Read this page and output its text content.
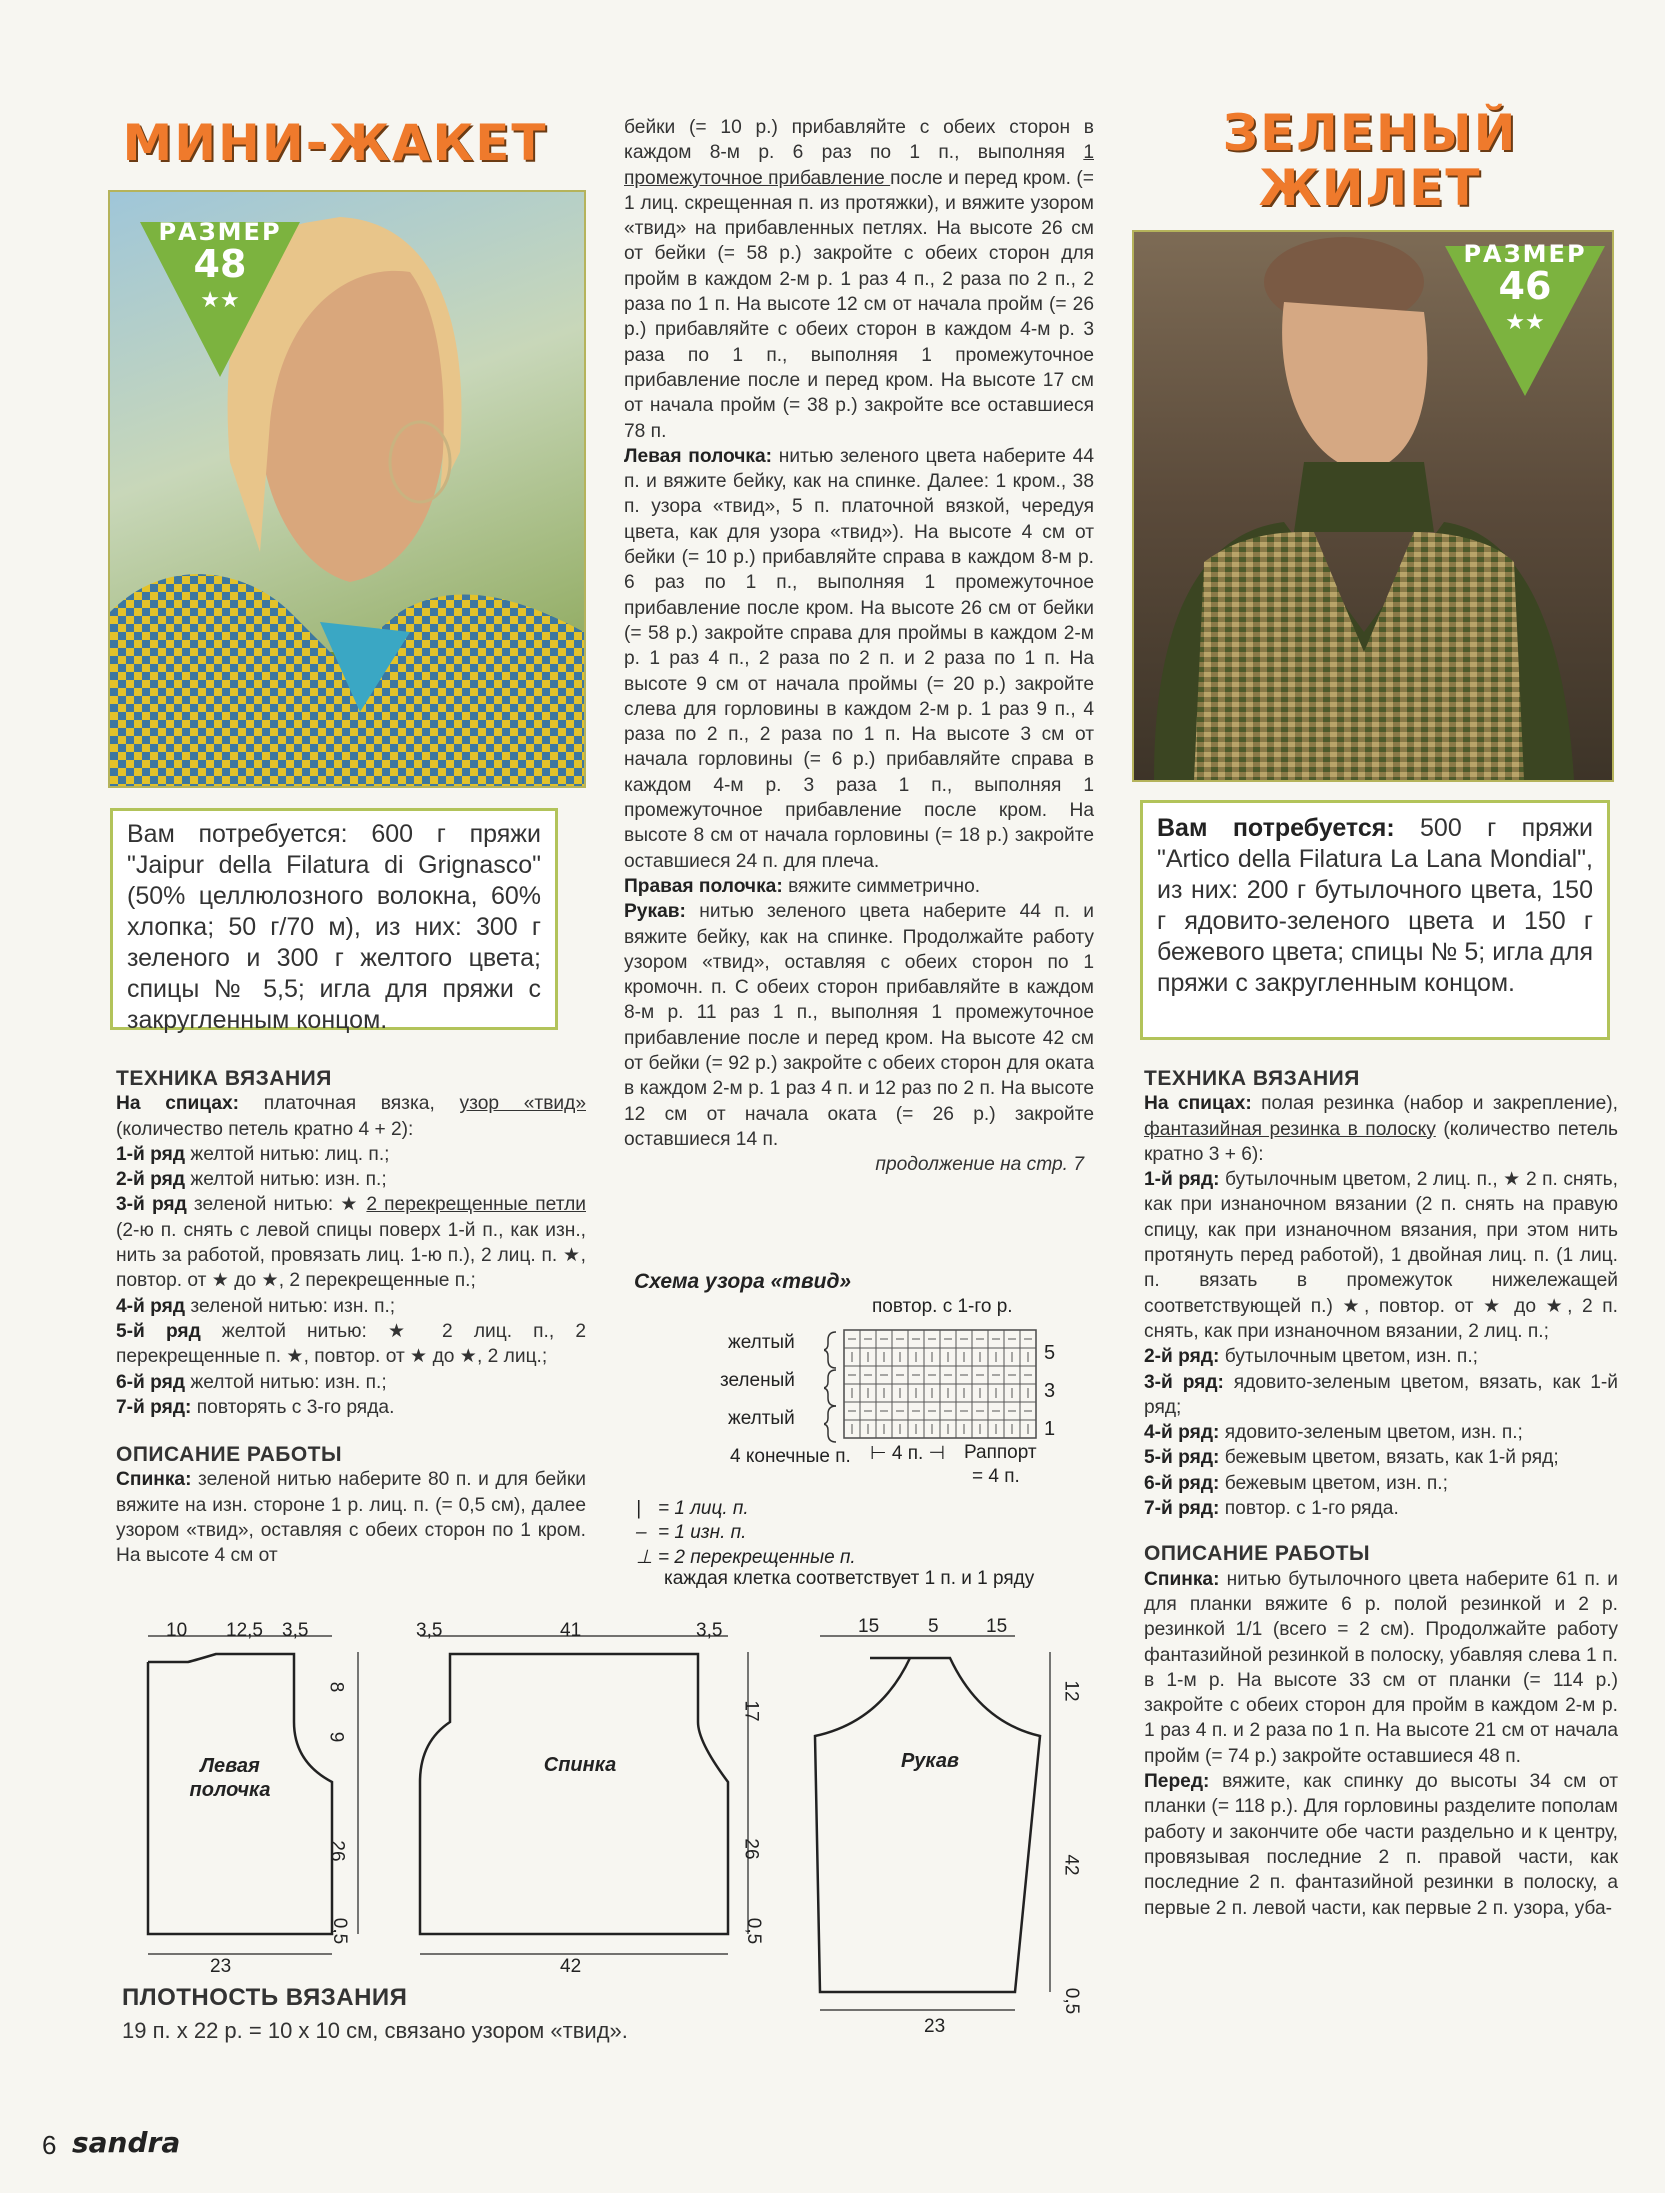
МИНИ-ЖАКЕТ
РАЗМЕР
48
★★
Вам потребуется: 600 г пряжи "Jaipur della Filatura di Grignasco" (50% целлюлозного волокна, 60% хлопка; 50 г/70 м), из них: 300 г зеленого и 300 г желтого цвета; спицы № 5,5; игла для пряжи с закругленным концом.

ТЕХНИКА ВЯЗАНИЯ

На спицах: платочная вязка, узор «твид» (количество петель кратно 4 + 2):

1-й ряд желтой нитью: лиц. п.;

2-й ряд желтой нитью: изн. п.;

3-й ряд зеленой нитью: ★ 2 перекрещенные петли (2-ю п. снять с левой спицы поверх 1-й п., как изн., нить за работой, провязать лиц. 1-ю п.), 2 лиц. п. ★, повтор. от ★ до ★, 2 перекрещенные п.;

4-й ряд зеленой нитью: изн. п.;

5-й ряд желтой нитью: ★ 2 лиц. п., 2 перекрещенные п. ★, повтор. от ★ до ★, 2 лиц.;

6-й ряд желтой нитью: изн. п.;

7-й ряд: повторять с 3-го ряда.

ОПИСАНИЕ РАБОТЫ

Спинка: зеленой нитью наберите 80 п. и для бейки вяжите на изн. стороне 1 р. лиц. п. (= 0,5 см), далее узором «твид», оставляя с обеих сторон по 1 кром. На высоте 4 см от

бейки (= 10 р.) прибавляйте с обеих сторон в каждом 8-м р. 6 раз по 1 п., выполняя 1 промежуточное прибавление после и перед кром. (= 1 лиц. скрещенная п. из протяжки), и вяжите узором «твид» на прибавленных петлях. На высоте 26 см от бейки (= 58 р.) закройте с обеих сторон для пройм в каждом 2-м р. 1 раз 4 п., 2 раза по 2 п., 2 раза по 1 п. На высоте 12 см от начала пройм (= 26 р.) прибавляйте с обеих сторон в каждом 4-м р. 3 раза по 1 п., выполняя 1 промежуточное прибавление после и перед кром. На высоте 17 см от начала пройм (= 38 р.) закройте все оставшиеся 78 п.

Левая полочка: нитью зеленого цвета наберите 44 п. и вяжите бейку, как на спинке. Далее: 1 кром., 38 п. узора «твид», 5 п. платочной вязкой, чередуя цвета, как для узора «твид»). На высоте 4 см от бейки (= 10 р.) прибавляйте справа в каждом 8-м р. 6 раз по 1 п., выполняя 1 промежуточное прибавление после кром. На высоте 26 см от бейки (= 58 р.) закройте справа для проймы в каждом 2-м р. 1 раз 4 п., 2 раза по 2 п. и 2 раза по 1 п. На высоте 9 см от начала проймы (= 20 р.) закройте слева для горловины в каждом 2-м р. 1 раз 9 п., 4 раза по 2 п., 2 раза по 1 п. На высоте 3 см от начала горловины (= 6 р.) прибавляйте справа в каждом 4-м р. 3 раза 1 п., выполняя 1 промежуточное прибавление после кром. На высоте 8 см от начала горловины (= 18 р.) закройте оставшиеся 24 п. для плеча.

Правая полочка: вяжите симметрично.

Рукав: нитью зеленого цвета наберите 44 п. и вяжите бейку, как на спинке. Продолжайте работу узором «твид», оставляя с обеих сторон по 1 кромочн. п. С обеих сторон прибавляйте в каждом 8-м р. 11 раз 1 п., выполняя 1 промежуточное прибавление после и перед кром. На высоте 42 см от бейки (= 92 р.) закройте с обеих сторон для оката в каждом 2-м р. 1 раз 4 п. и 12 раз по 2 п. На высоте 12 см от начала оката (= 26 р.) закройте оставшиеся 14 п.

продолжение на стр. 7

Схема узора «твид»
повтор. с 1-го р.
желтый
зеленый
желтый
5
3
1
4 конечные п. ⊢ 4 п. ⊣ Раппорт
= 4 п.
| = 1 лиц. п.
– = 1 изн. п.
⊥ = 2 перекрещенные п.
каждая клетка соответствует 1 п. и 1 ряду
ЗЕЛЕНЫЙ
ЖИЛЕТ
РАЗМЕР
46
★★
Вам потребуется: 500 г пряжи "Artico della Filatura La Lana Mondial", из них: 200 г бутылочного цвета, 150 г ядовито-зеленого цвета и 150 г бежевого цвета; спицы № 5; игла для пряжи с закругленным концом.

ТЕХНИКА ВЯЗАНИЯ

На спицах: полая резинка (набор и закрепление), фантазийная резинка в полоску (количество петель кратно 3 + 6):

1-й ряд: бутылочным цветом, 2 лиц. п., ★ 2 п. снять, как при изнаночном вязании (2 п. снять на правую спицу, как при изнаночном вязания, при этом нить протянуть перед работой), 1 двойная лиц. п. (1 лиц. п. вязать в промежуток нижележащей соответствующей п.) ★, повтор. от ★ до ★, 2 п. снять, как при изнаночном вязании, 2 лиц. п.;

2-й ряд: бутылочным цветом, изн. п.;

3-й ряд: ядовито-зеленым цветом, вязать, как 1-й ряд;

4-й ряд: ядовито-зеленым цветом, изн. п.;

5-й ряд: бежевым цветом, вязать, как 1-й ряд;

6-й ряд: бежевым цветом, изн. п.;

7-й ряд: повтор. с 1-го ряда.

ОПИСАНИЕ РАБОТЫ

Спинка: нитью бутылочного цвета наберите 61 п. и для планки вяжите 6 р. полой резинкой и 2 р. резинкой 1/1 (всего = 2 см). Продолжайте работу фантазийной резинкой в полоску, убавляя слева 1 п. в 1-м р. На высоте 33 см от планки (= 114 р.) закройте с обеих сторон для пройм в каждом 2-м р. 1 раз 4 п. и 2 раза по 1 п. На высоте 21 см от начала пройм (= 74 р.) закройте оставшиеся 48 п.

Перед: вяжите, как спинку до высоты 34 см от планки (= 118 р.). Для горловины разделите пополам работу и закончите обе части раздельно и к центру, провязывая последние 2 п. правой части, как последние 2 п. фантазийной резинки в полоску, а первые 2 п. левой части, как первые 2 п. узора, уба-

10 12,5 3,5
Левая полочка
8
9
26
0,5
23
3,5	41	3,5
Спинка
17
26
0,5
42
15	5 15
Рукав
12
42
0,5
23
ПЛОТНОСТЬ ВЯЗАНИЯ
19 п. х 22 р. = 10 х 10 см, связано узором «твид».
6 sandra
